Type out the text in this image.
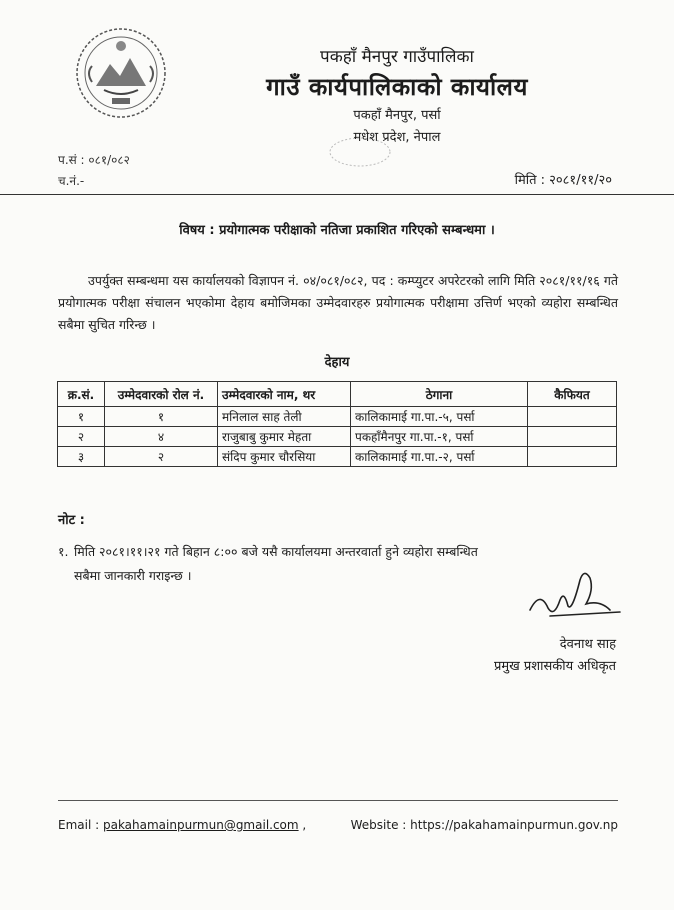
पकहाँ मैनपुर गाउँपालिका
गाउँ कार्यपालिकाको कार्यालय
पकहाँ मैनपुर, पर्सा
मधेश प्रदेश, नेपाल
प.सं : ०८१/०८२
च.नं.-	मिति : २०८१/११/२०
विषय : प्रयोगात्मक परीक्षाको नतिजा प्रकाशित गरिएको सम्बन्धमा ।
उपर्युक्त सम्बन्धमा यस कार्यालयको विज्ञापन नं. ०४/०८१/०८२, पद : कम्प्युटर अपरेटरको लागि मिति २०८१/११/१६ गते प्रयोगात्मक परीक्षा संचालन भएकोमा देहाय बमोजिमका उम्मेदवारहरु प्रयोगात्मक परीक्षामा उत्तिर्ण भएको व्यहोरा सम्बन्धित सबैमा सुचित गरिन्छ ।
देहाय
क्र.सं.	उम्मेदवारको रोल नं.	उम्मेदवारको नाम, थर	ठेगाना	कैफियत
१	१	मनिलाल साह तेली	कालिकामाई गा.पा.-५, पर्सा	
२	४	राजुबाबु कुमार मेहता	पकहाँमैनपुर गा.पा.-१, पर्सा	
३	२	संदिप कुमार चौरसिया	कालिकामाई गा.पा.-२, पर्सा	
नोट :
१. मिति २०८१।११।२१ गते बिहान ८:०० बजे यसै कार्यालयमा अन्तरवार्ता हुने व्यहोरा सम्बन्धित
सबैमा जानकारी गराइन्छ ।
देवनाथ साह
प्रमुख प्रशासकीय अधिकृत
Email : pakahamainpurmun@gmail.com ,	Website : https://pakahamainpurmun.gov.np
